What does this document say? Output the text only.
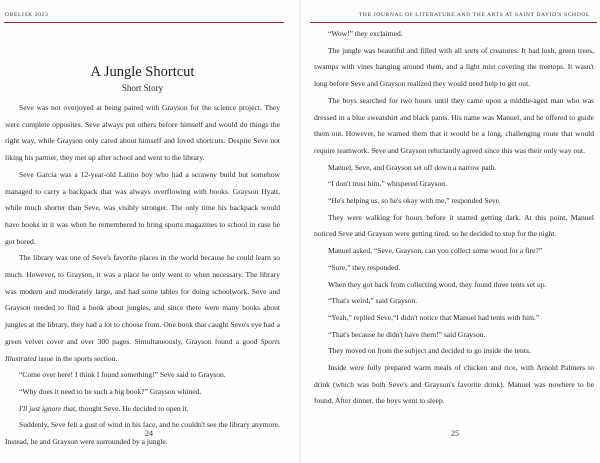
OBELISK 2023
A Jungle Shortcut
Short Story

Seve was not overjoyed at being paired with Grayson for the science project. They were complete opposites. Seve always put others before himself and would do things the right way, while Grayson only cared about himself and loved shortcuts. Despite Seve not liking his partner, they met up after school and went to the library.

Seve Garcia was a 12-year-old Latino boy who had a scrawny build but somehow managed to carry a backpack that was always overflowing with books. Grayson Hyatt, while much shorter than Seve, was visibly stronger. The only time his backpack would have books in it was when he remembered to bring sports magazines to school in case he got bored.

The library was one of Seve's favorite places in the world because he could learn so much. However, to Grayson, it was a place he only went to when necessary. The library was modern and moderately large, and had some tables for doing schoolwork. Seve and Grayson needed to find a book about jungles, and since there were many books about jungles at the library, they had a lot to choose from. One book that caught Seve's eye had a green velvet cover and over 300 pages. Simultaneously, Grayson found a good Sports Illustrated issue in the sports section.

“Come over here! I think I found something!” Seve said to Grayson.

“Why does it need to be such a big book?” Grayson whined.

I'll just ignore that, thought Seve. He decided to open it.

Suddenly, Seve felt a gust of wind in his face, and he couldn't see the library anymore. Instead, he and Grayson were surrounded by a jungle.

24
THE JOURNAL OF LITERATURE AND THE ARTS AT SAINT DAVID'S SCHOOL

“Wow!” they exclaimed.

The jungle was beautiful and filled with all sorts of creatures. It had lush, green trees, swamps with vines hanging around them, and a light mist covering the treetops. It wasn't long before Seve and Grayson realized they would need help to get out.

The boys searched for two hours until they came upon a middle-aged man who was dressed in a blue sweatshirt and black pants. His name was Manuel, and he offered to guide them out. However, he warned them that it would be a long, challenging route that would require teamwork. Seve and Grayson reluctantly agreed since this was their only way out.

Manuel, Seve, and Grayson set off down a narrow path.

“I don't trust him,” whispered Grayson.

“He's helping us, so he's okay with me,” responded Seve.

They were walking for hours before it started getting dark. At this point, Manuel noticed Seve and Grayson were getting tired, so he decided to stop for the night.

Manuel asked, “Seve, Grayson, can you collect some wood for a fire?”

“Sure,” they responded.

When they got back from collecting wood, they found three tents set up.

“That's weird,” said Grayson.

“Yeah,” replied Seve,“I didn't notice that Manuel had tents with him.”

“That's because he didn't have them!” said Grayson.

They moved on from the subject and decided to go inside the tents.

Inside were fully prepared warm meals of chicken and rice, with Arnold Palmers to drink (which was both Seve's and Grayson's favorite drink). Manuel was nowhere to be found. After dinner, the boys went to sleep.

25
